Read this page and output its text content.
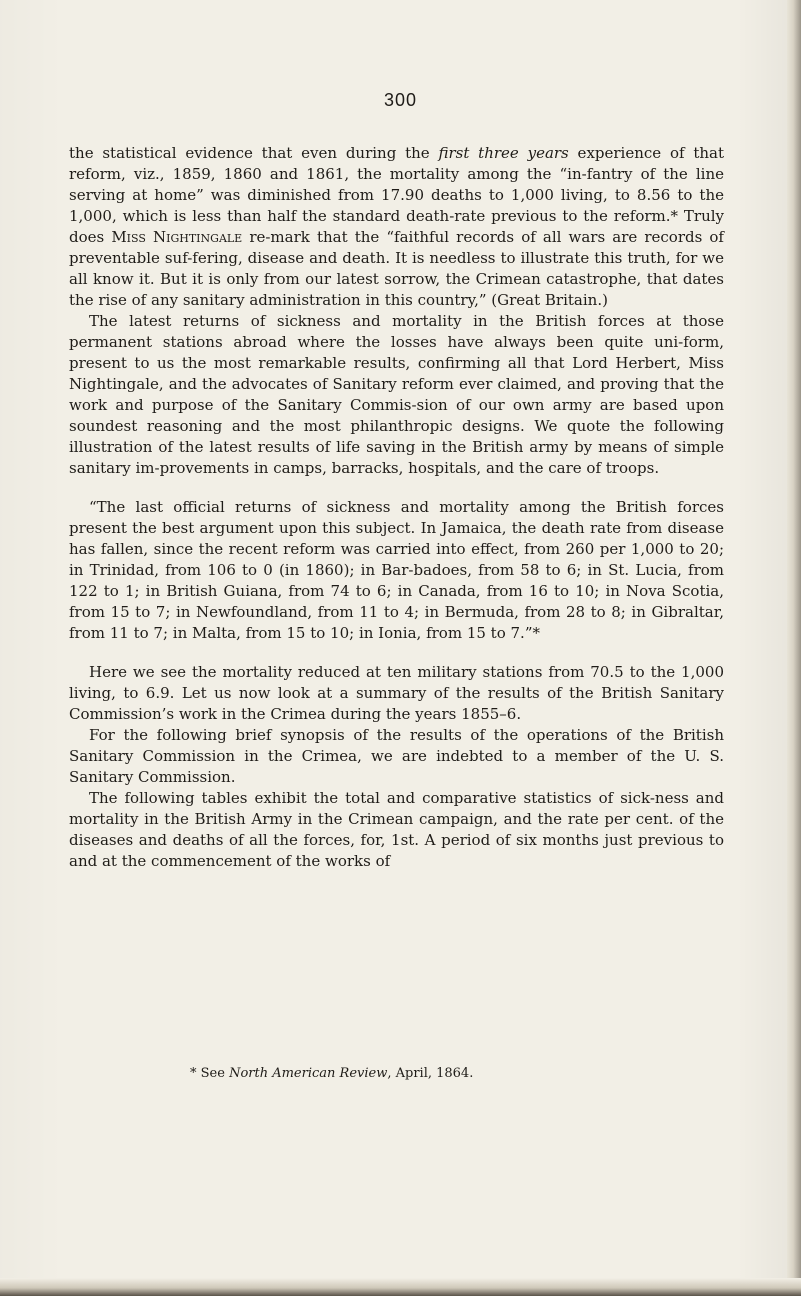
300

the statistical evidence that even during the first three years experience of that reform, viz., 1859, 1860 and 1861, the mortality among the “in-fantry of the line serving at home” was diminished from 17.90 deaths to 1,000 living, to 8.56 to the 1,000, which is less than half the standard death-rate previous to the reform.* Truly does Miss Nightingale re-mark that the “faithful records of all wars are records of preventable suf-fering, disease and death. It is needless to illustrate this truth, for we all know it. But it is only from our latest sorrow, the Crimean catastrophe, that dates the rise of any sanitary administration in this country,” (Great Britain.)

The latest returns of sickness and mortality in the British forces at those permanent stations abroad where the losses have always been quite uni-form, present to us the most remarkable results, confirming all that Lord Herbert, Miss Nightingale, and the advocates of Sanitary reform ever claimed, and proving that the work and purpose of the Sanitary Commis-sion of our own army are based upon soundest reasoning and the most philanthropic designs. We quote the following illustration of the latest results of life saving in the British army by means of simple sanitary im-provements in camps, barracks, hospitals, and the care of troops.

“The last official returns of sickness and mortality among the British forces present the best argument upon this subject. In Jamaica, the death rate from disease has fallen, since the recent reform was carried into effect, from 260 per 1,000 to 20; in Trinidad, from 106 to 0 (in 1860); in Bar-badoes, from 58 to 6; in St. Lucia, from 122 to 1; in British Guiana, from 74 to 6; in Canada, from 16 to 10; in Nova Scotia, from 15 to 7; in Newfoundland, from 11 to 4; in Bermuda, from 28 to 8; in Gibraltar, from 11 to 7; in Malta, from 15 to 10; in Ionia, from 15 to 7.”*

Here we see the mortality reduced at ten military stations from 70.5 to the 1,000 living, to 6.9. Let us now look at a summary of the results of the British Sanitary Commission’s work in the Crimea during the years 1855–6.

For the following brief synopsis of the results of the operations of the British Sanitary Commission in the Crimea, we are indebted to a member of the U. S. Sanitary Commission.

The following tables exhibit the total and comparative statistics of sick-ness and mortality in the British Army in the Crimean campaign, and the rate per cent. of the diseases and deaths of all the forces, for, 1st. A period of six months just previous to and at the commencement of the works of

* See North American Review, April, 1864.
